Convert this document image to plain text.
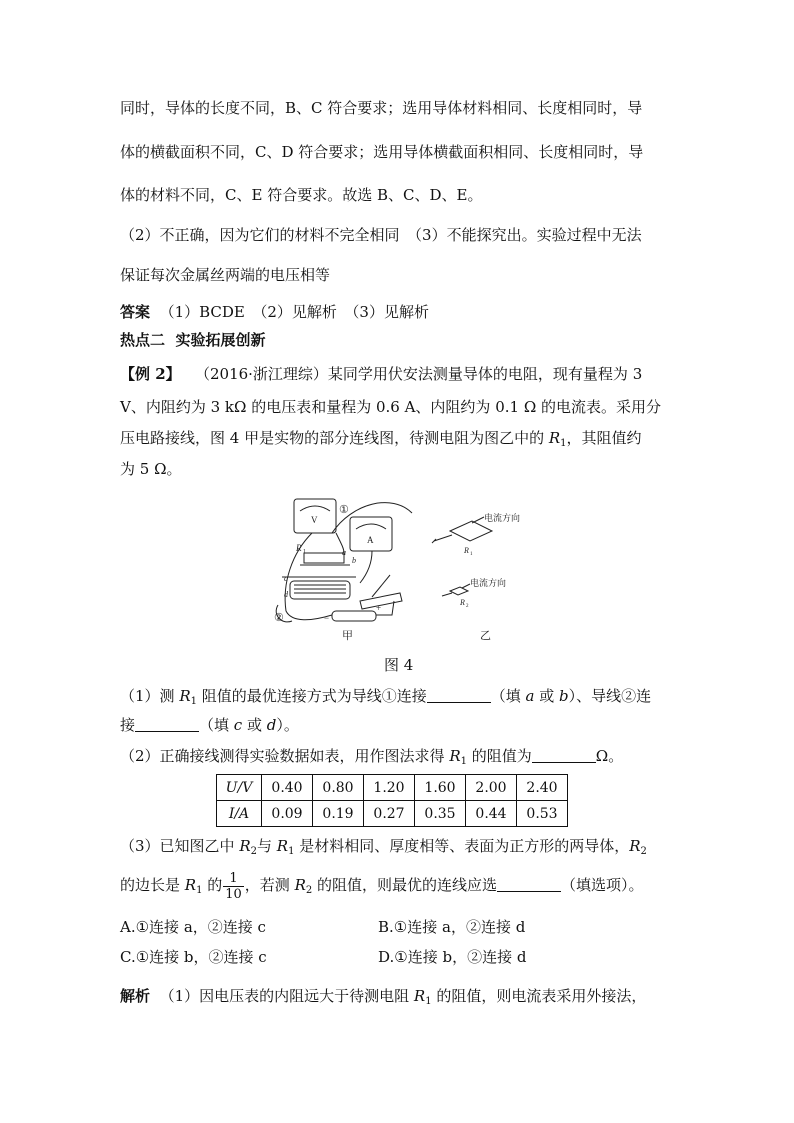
同时，导体的长度不同，B、C 符合要求；选用导体材料相同、长度相同时，导
体的横截面积不同，C、D 符合要求；选用导体横截面积相同、长度相同时，导
体的材料不同，C、E 符合要求。故选 B、C、D、E。
（2）不正确，因为它们的材料不完全相同　（3）不能探究出。实验过程中无法
保证每次金属丝两端的电压相等
答案 （1）BCDE　（2）见解析　（3）见解析
热点二 实验拓展创新
【例 2】 （2016·浙江理综）某同学用伏安法测量导体的电阻，现有量程为 3
V、内阻约为 3 kΩ 的电压表和量程为 0.6 A、内阻约为 0.1 Ω 的电流表。采用分
压电路接线，图 4 甲是实物的部分连线图，待测电阻为图乙中的 $R_1$，其阻值约
为 5 Ω。
V
A
①
②
R 1	a
b
c
d
+
−
甲	乙
电流方向
电流方向
R 1
R 2
图 4
（1）测 $R_1$ 阻值的最优连接方式为导线①连接	（填 a 或 b）、导线②连
接	（填 c 或 d）。
（2）正确接线测得实验数据如表，用作图法求得 $R_1$ 的阻值为	Ω。
U/V	0.40	0.80	1.20	1.60	2.00	2.40
I/A	0.09	0.19	0.27	0.35	0.44	0.53
（3）已知图乙中 $R_2$与 $R_1$ 是材料相同、厚度相等、表面为正方形的两导体，$R_2$
的边长是 $R_1$ 的 $\frac{1}{10}$ ，若测 $R_2$ 的阻值，则最优的连线应选	（填选项）。
A.①连接 a，②连接 c	B.①连接 a，②连接 d
C.①连接 b，②连接 c	D.①连接 b，②连接 d
解析 （1）因电压表的内阻远大于待测电阻 $R_1$ 的阻值，则电流表采用外接法，
